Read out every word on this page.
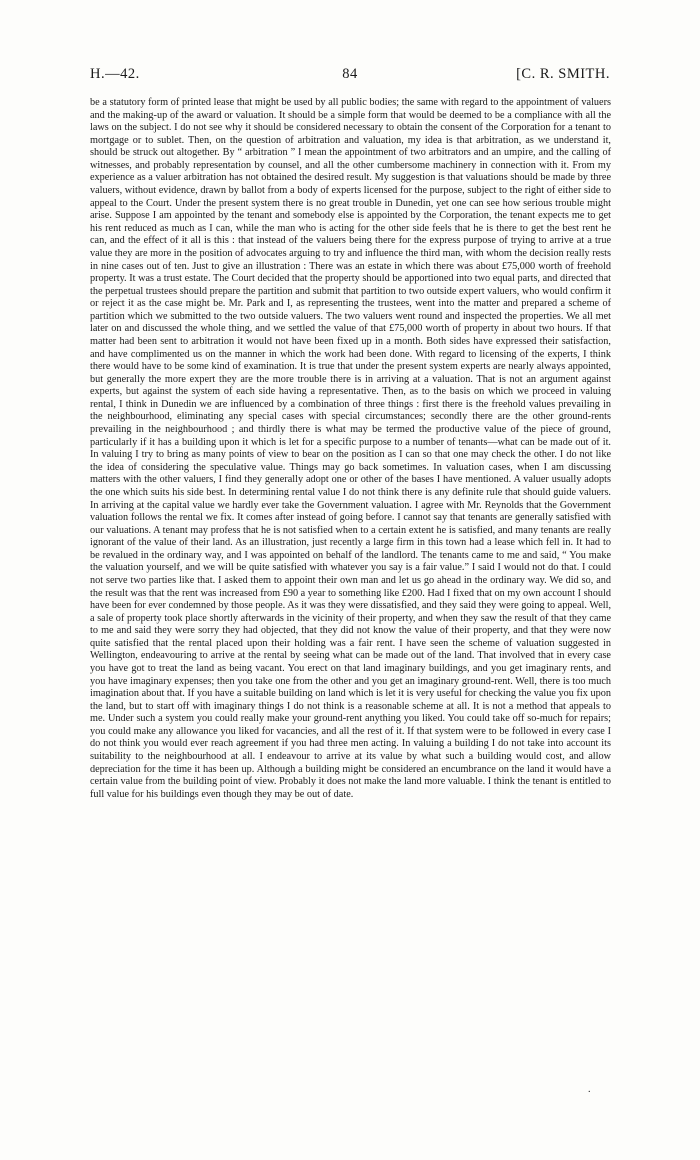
H.—42.	84	[C. R. SMITH.

be a statutory form of printed lease that might be used by all public bodies; the same with regard to the appointment of valuers and the making-up of the award or valuation. It should be a simple form that would be deemed to be a compliance with all the laws on the subject. I do not see why it should be considered necessary to obtain the consent of the Corporation for a tenant to mortgage or to sublet. Then, on the question of arbitration and valuation, my idea is that arbitration, as we understand it, should be struck out altogether. By “ arbitration ” I mean the appointment of two arbitrators and an umpire, and the calling of witnesses, and probably representation by counsel, and all the other cumbersome machinery in connection with it. From my experience as a valuer arbitration has not obtained the desired result. My suggestion is that valuations should be made by three valuers, without evidence, drawn by ballot from a body of experts licensed for the purpose, subject to the right of either side to appeal to the Court. Under the present system there is no great trouble in Dunedin, yet one can see how serious trouble might arise. Suppose I am appointed by the tenant and somebody else is appointed by the Corporation, the tenant expects me to get his rent reduced as much as I can, while the man who is acting for the other side feels that he is there to get the best rent he can, and the effect of it all is this : that instead of the valuers being there for the express purpose of trying to arrive at a true value they are more in the position of advocates arguing to try and influence the third man, with whom the decision really rests in nine cases out of ten. Just to give an illustration : There was an estate in which there was about £75,000 worth of freehold property. It was a trust estate. The Court decided that the property should be apportioned into two equal parts, and directed that the perpetual trustees should prepare the partition and submit that partition to two outside expert valuers, who would confirm it or reject it as the case might be. Mr. Park and I, as representing the trustees, went into the matter and prepared a scheme of partition which we submitted to the two outside valuers. The two valuers went round and inspected the properties. We all met later on and discussed the whole thing, and we settled the value of that £75,000 worth of property in about two hours. If that matter had been sent to arbitration it would not have been fixed up in a month. Both sides have expressed their satisfaction, and have complimented us on the manner in which the work had been done. With regard to licensing of the experts, I think there would have to be some kind of examination. It is true that under the present system experts are nearly always appointed, but generally the more expert they are the more trouble there is in arriving at a valuation. That is not an argument against experts, but against the system of each side having a representative. Then, as to the basis on which we proceed in valuing rental, I think in Dunedin we are influenced by a combination of three things : first there is the freehold values prevailing in the neighbourhood, eliminating any special cases with special circumstances; secondly there are the other ground-rents prevailing in the neighbourhood ; and thirdly there is what may be termed the productive value of the piece of ground, particularly if it has a building upon it which is let for a specific purpose to a number of tenants—what can be made out of it. In valuing I try to bring as many points of view to bear on the position as I can so that one may check the other. I do not like the idea of considering the speculative value. Things may go back sometimes. In valuation cases, when I am discussing matters with the other valuers, I find they generally adopt one or other of the bases I have mentioned. A valuer usually adopts the one which suits his side best. In determining rental value I do not think there is any definite rule that should guide valuers. In arriving at the capital value we hardly ever take the Government valuation. I agree with Mr. Reynolds that the Government valuation follows the rental we fix. It comes after instead of going before. I cannot say that tenants are generally satisfied with our valuations. A tenant may profess that he is not satisfied when to a certain extent he is satisfied, and many tenants are really ignorant of the value of their land. As an illustration, just recently a large firm in this town had a lease which fell in. It had to be revalued in the ordinary way, and I was appointed on behalf of the landlord. The tenants came to me and said, “ You make the valuation yourself, and we will be quite satisfied with whatever you say is a fair value.” I said I would not do that. I could not serve two parties like that. I asked them to appoint their own man and let us go ahead in the ordinary way. We did so, and the result was that the rent was increased from £90 a year to something like £200. Had I fixed that on my own account I should have been for ever condemned by those people. As it was they were dissatisfied, and they said they were going to appeal. Well, a sale of property took place shortly afterwards in the vicinity of their property, and when they saw the result of that they came to me and said they were sorry they had objected, that they did not know the value of their property, and that they were now quite satisfied that the rental placed upon their holding was a fair rent. I have seen the scheme of valuation suggested in Wellington, endeavouring to arrive at the rental by seeing what can be made out of the land. That involved that in every case you have got to treat the land as being vacant. You erect on that land imaginary buildings, and you get imaginary rents, and you have imaginary expenses; then you take one from the other and you get an imaginary ground-rent. Well, there is too much imagination about that. If you have a suitable building on land which is let it is very useful for checking the value you fix upon the land, but to start off with imaginary things I do not think is a reasonable scheme at all. It is not a method that appeals to me. Under such a system you could really make your ground-rent anything you liked. You could take off so-much for repairs; you could make any allowance you liked for vacancies, and all the rest of it. If that system were to be followed in every case I do not think you would ever reach agreement if you had three men acting. In valuing a building I do not take into account its suitability to the neighbourhood at all. I endeavour to arrive at its value by what such a building would cost, and allow depreciation for the time it has been up. Although a building might be considered an encumbrance on the land it would have a certain value from the building point of view. Probably it does not make the land more valuable. I think the tenant is entitled to full value for his buildings even though they may be out of date.

.
